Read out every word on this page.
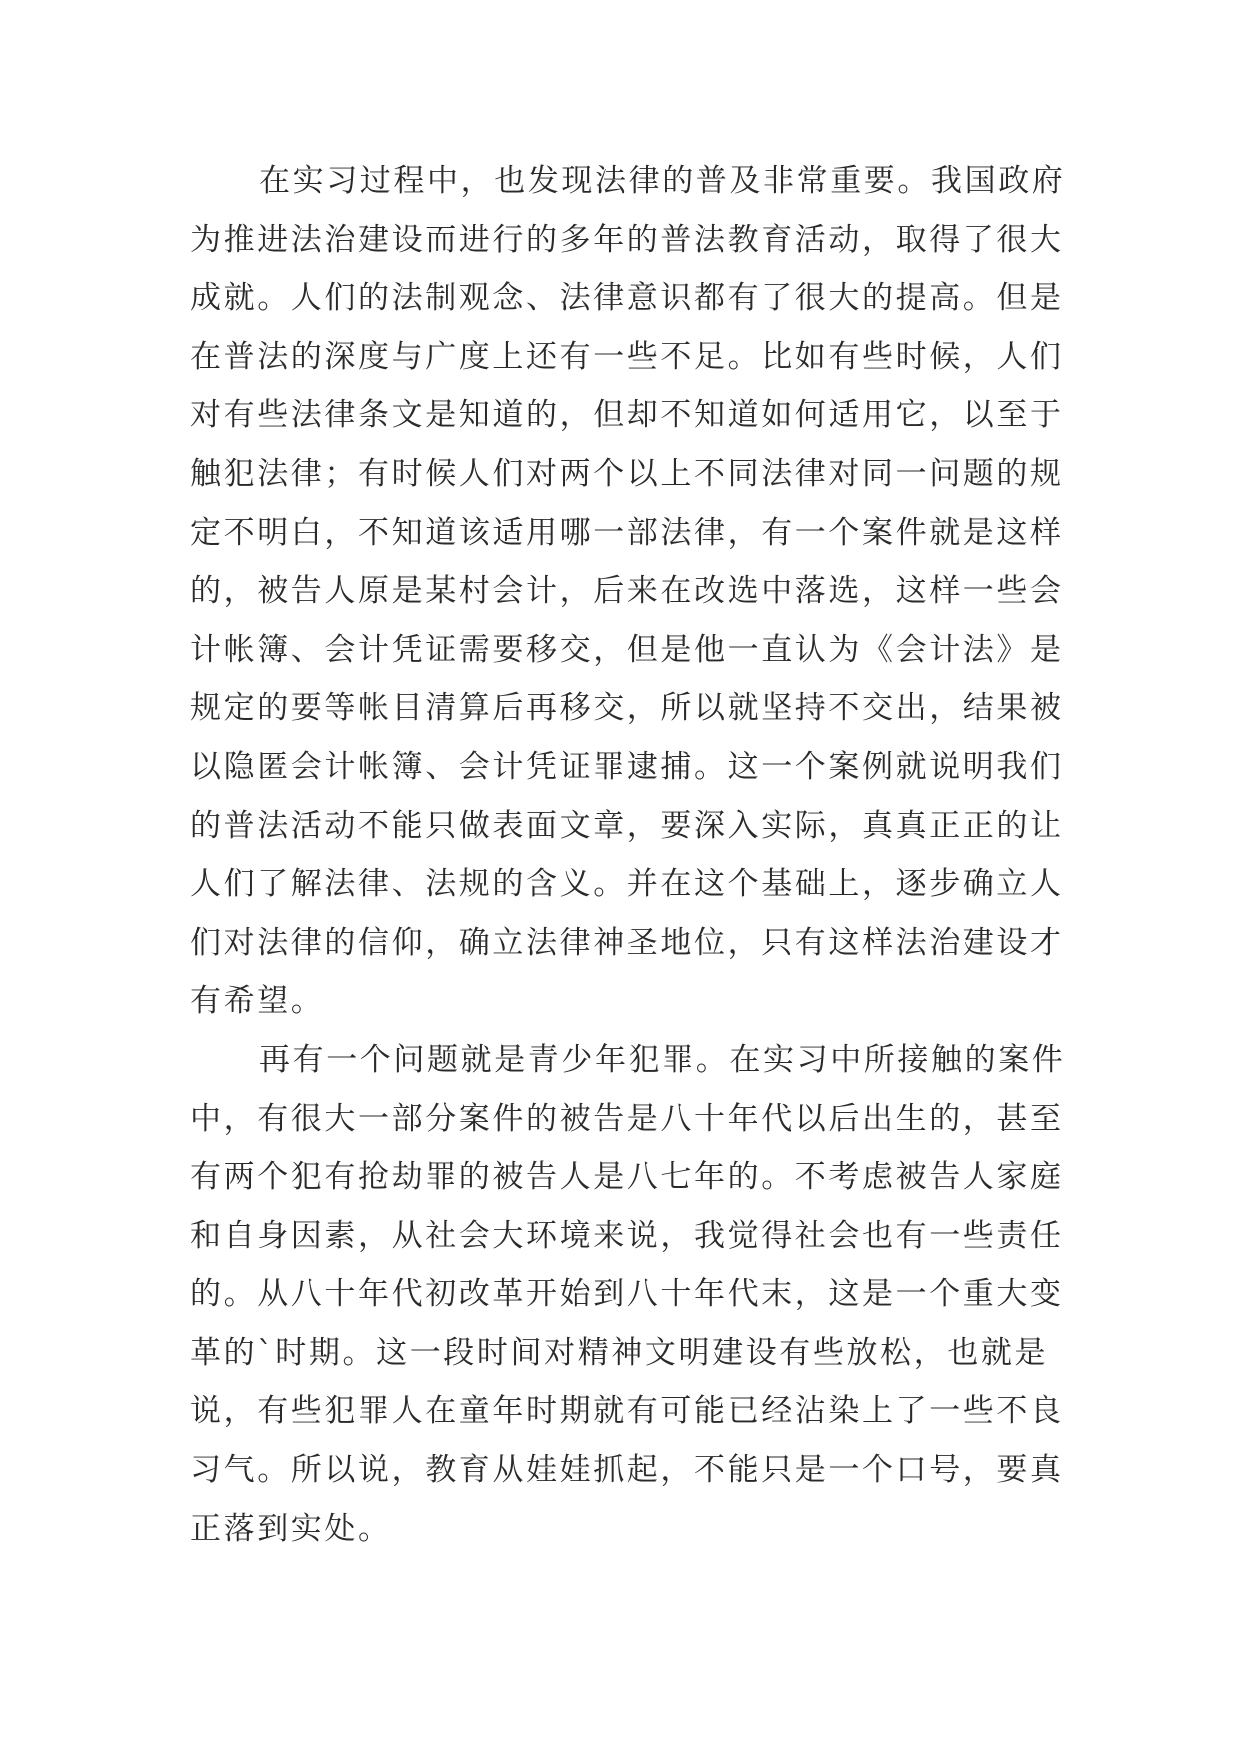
在实习过程中，也发现法律的普及非常重要。我国政府
为推进法治建设而进行的多年的普法教育活动，取得了很大
成就。人们的法制观念、法律意识都有了很大的提高。但是
在普法的深度与广度上还有一些不足。比如有些时候，人们
对有些法律条文是知道的，但却不知道如何适用它，以至于
触犯法律；有时候人们对两个以上不同法律对同一问题的规
定不明白，不知道该适用哪一部法律，有一个案件就是这样
的，被告人原是某村会计，后来在改选中落选，这样一些会
计帐簿、会计凭证需要移交，但是他一直认为《会计法》是
规定的要等帐目清算后再移交，所以就坚持不交出，结果被
以隐匿会计帐簿、会计凭证罪逮捕。这一个案例就说明我们
的普法活动不能只做表面文章，要深入实际，真真正正的让
人们了解法律、法规的含义。并在这个基础上，逐步确立人
们对法律的信仰，确立法律神圣地位，只有这样法治建设才
有希望。
再有一个问题就是青少年犯罪。在实习中所接触的案件
中，有很大一部分案件的被告是八十年代以后出生的，甚至
有两个犯有抢劫罪的被告人是八七年的。不考虑被告人家庭
和自身因素，从社会大环境来说，我觉得社会也有一些责任
的。从八十年代初改革开始到八十年代末，这是一个重大变
革的`时期。这一段时间对精神文明建设有些放松，也就是
说，有些犯罪人在童年时期就有可能已经沾染上了一些不良
习气。所以说，教育从娃娃抓起，不能只是一个口号，要真
正落到实处。
